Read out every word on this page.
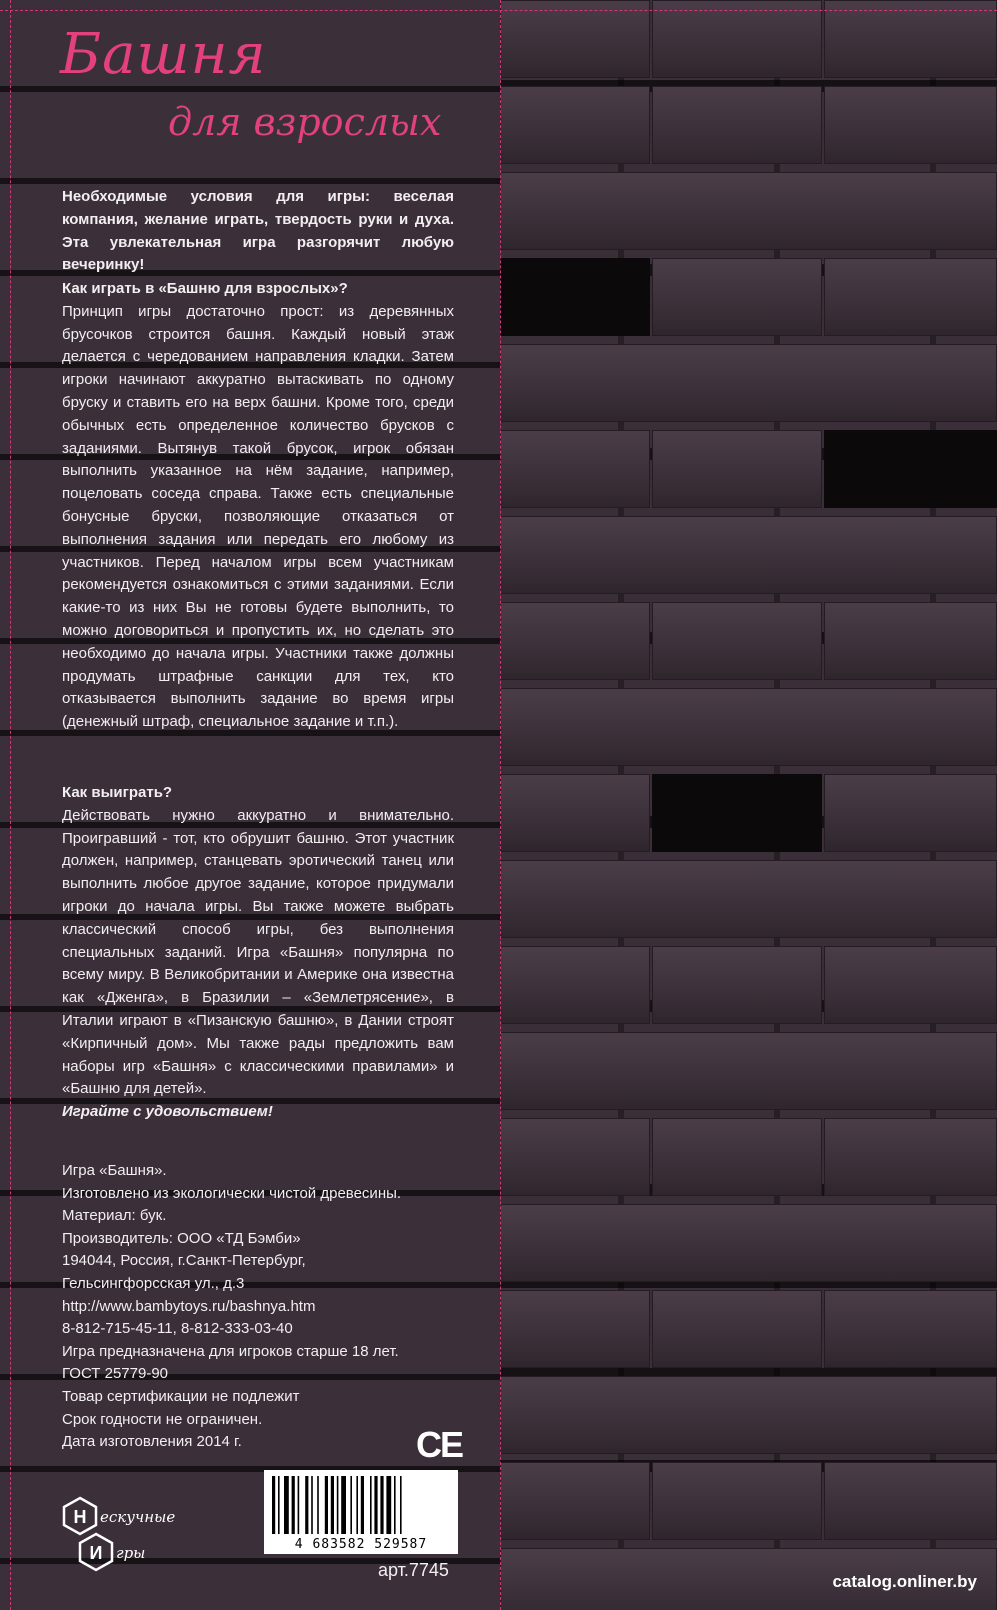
Башня
для взрослых
Необходимые условия для игры: веселая компания, желание играть, твердость руки и духа. Эта увлекательная игра разгорячит любую вечеринку!

Как играть в «Башню для взрослых»?

Принцип игры достаточно прост: из деревянных брусочков строится башня. Каждый новый этаж делается с чередованием направления кладки. Затем игроки начинают аккуратно вытаскивать по одному бруску и ставить его на верх башни. Кроме того, среди обычных есть определенное количество брусков с заданиями. Вытянув такой брусок, игрок обязан выполнить указанное на нём задание, например, поцеловать соседа справа. Также есть специальные бонусные бруски, позволяющие отказаться от выполнения задания или передать его любому из участников. Перед началом игры всем участникам рекомендуется ознакомиться с этими заданиями. Если какие-то из них Вы не готовы будете выполнить, то можно договориться и пропустить их, но сделать это необходимо до начала игры. Участники также должны продумать штрафные санкции для тех, кто отказывается выполнить задание во время игры (денежный штраф, специальное задание и т.п.).

Как выиграть?

Действовать нужно аккуратно и внимательно. Проигравший - тот, кто обрушит башню. Этот участник должен, например, станцевать эротический танец или выполнить любое другое задание, которое придумали игроки до начала игры. Вы также можете выбрать классический способ игры, без выполнения специальных заданий. Игра «Башня» популярна по всему миру. В Великобритании и Америке она известна как «Дженга», в Бразилии – «Землетрясение», в Италии играют в «Пизанскую башню», в Дании строят «Кирпичный дом». Мы также рады предложить вам наборы игр «Башня» с классическими правилами» и «Башню для детей».

Играйте с удовольствием!

Игра «Башня».
Изготовлено из экологически чистой древесины.
Материал: бук.
Производитель: ООО «ТД Бэмби»
194044, Россия, г.Санкт-Петербург,
Гельсингфорсская ул., д.3
http://www.bambytoys.ru/bashnya.htm
8-812-715-45-11, 8-812-333-03-40
Игра предназначена для игроков старше 18 лет.
ГОСТ 25779-90
Товар сертификации не подлежит
Срок годности не ограничен.
Дата изготовления 2014 г.	CE
4 683582 529587
арт.7745
Н ескучные
И гры
catalog.onliner.by
